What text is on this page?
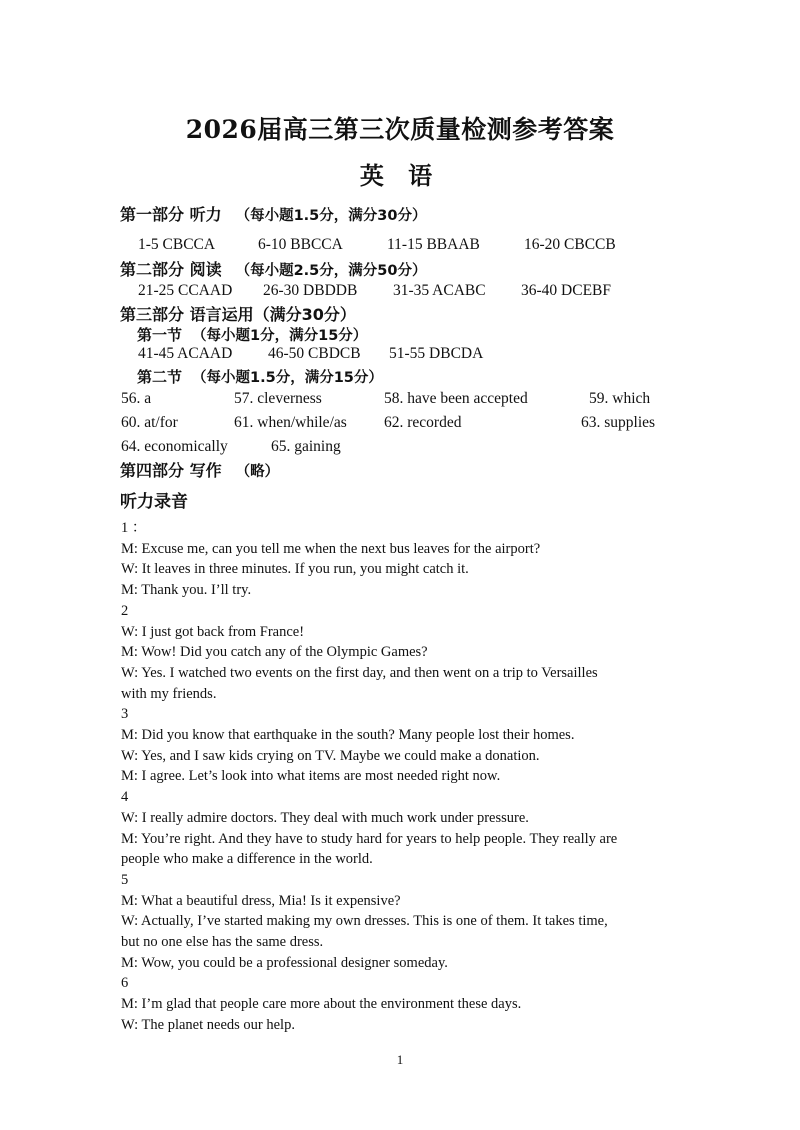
2026届高三第三次质量检测参考答案
英 语
第一部分 听力 （每小题1.5分，满分30分）
1-5 CBCCA	6-10 BBCCA	11-15 BBAAB	16-20 CBCCB
第二部分 阅读 （每小题2.5分，满分50分）
21-25 CCAAD 26-30 DBDDB 31-35 ACABC 36-40 DCEBF
第三部分 语言运用（满分30分）
第一节 （每小题1分，满分15分）
41-45 ACAAD 46-50 CBDCB 51-55 DBCDA
第二节 （每小题1.5分，满分15分）
56. a	57. cleverness	58. have been accepted	59. which
60. at/for	61. when/while/as 62. recorded	63. supplies
64. economically	65. gaining
第四部分 写作 （略）
听力录音
1 ：
M: Excuse me, can you tell me when the next bus leaves for the airport?
W: It leaves in three minutes. If you run, you might catch it.
M: Thank you. I’ll try.
2
W: I just got back from France!
M: Wow! Did you catch any of the Olympic Games?
W: Yes. I watched two events on the first day, and then went on a trip to Versailles
with my friends.
3
M: Did you know that earthquake in the south? Many people lost their homes.
W: Yes, and I saw kids crying on TV. Maybe we could make a donation.
M: I agree. Let’s look into what items are most needed right now.
4
W: I really admire doctors. They deal with much work under pressure.
M: You’re right. And they have to study hard for years to help people. They really are
people who make a difference in the world.
5
M: What a beautiful dress, Mia! Is it expensive?
W: Actually, I’ve started making my own dresses. This is one of them. It takes time,
but no one else has the same dress.
M: Wow, you could be a professional designer someday.
6
M: I’m glad that people care more about the environment these days.
W: The planet needs our help.
1
